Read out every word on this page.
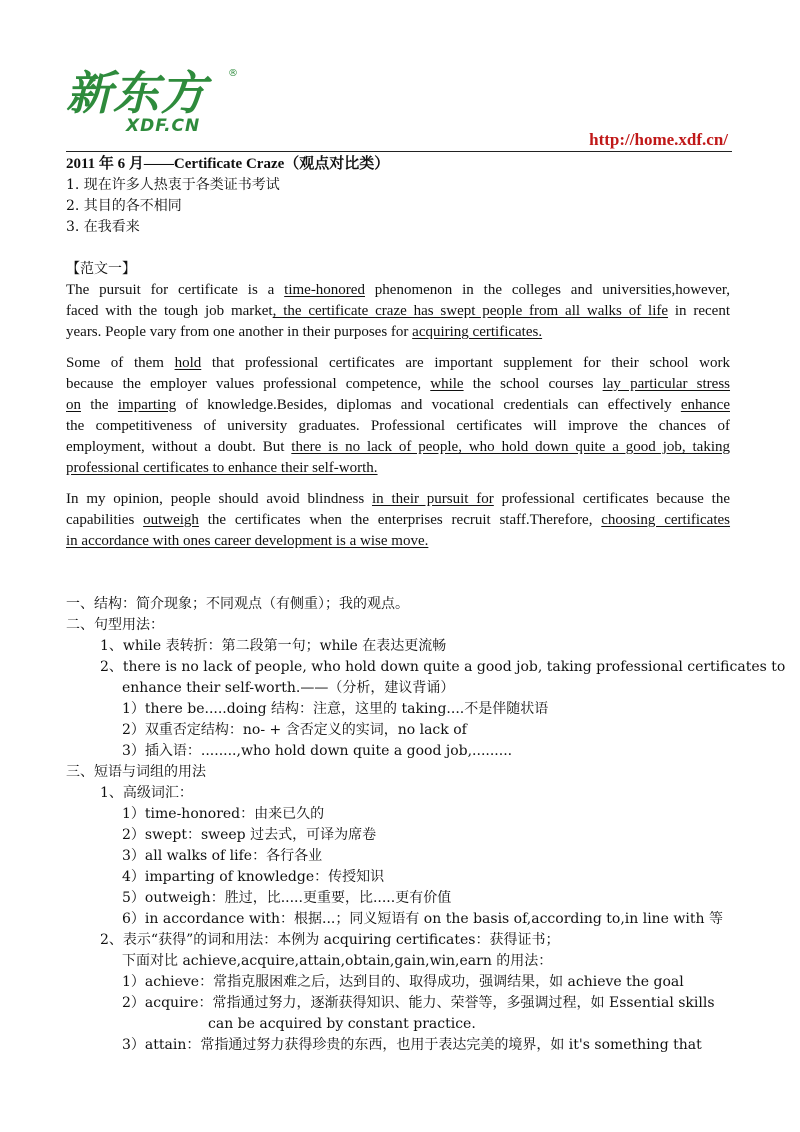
新东方 ®
XDF.CN
http://home.xdf.cn/
2011 年 6 月——Certificate Craze（观点对比类）
1. 现在许多人热衷于各类证书考试
2. 其目的各不相同
3. 在我看来
【范文一】
The pursuit for certificate is a time-honored phenomenon in the colleges and universities,however,
faced with the tough job market, the certificate craze has swept people from all walks of life in recent
years. People vary from one another in their purposes for acquiring certificates.
Some of them hold that professional certificates are important supplement for their school work
because the employer values professional competence, while the school courses lay particular stress
on the imparting of knowledge.Besides, diplomas and vocational credentials can effectively enhance
the competitiveness of university graduates. Professional certificates will improve the chances of
employment, without a doubt. But there is no lack of people, who hold down quite a good job, taking
professional certificates to enhance their self-worth.
In my opinion, people should avoid blindness in their pursuit for professional certificates because the
capabilities outweigh the certificates when the enterprises recruit staff.Therefore, choosing certificates
in accordance with ones career development is a wise move.
一、结构：简介现象；不同观点（有侧重）；我的观点。
二、句型用法：
1、while 表转折：第二段第一句；while 在表达更流畅
2、there is no lack of people, who hold down quite a good job, taking professional certificates to
enhance their self-worth.——（分析，建议背诵）
1）there be.....doing 结构：注意，这里的 taking....不是伴随状语
2）双重否定结构：no- + 含否定义的实词，no lack of
3）插入语：........,who hold down quite a good job,.........
三、短语与词组的用法
1、高级词汇：
1）time-honored：由来已久的
2）swept：sweep 过去式，可译为席卷
3）all walks of life：各行各业
4）imparting of knowledge：传授知识
5）outweigh：胜过，比.....更重要，比.....更有价值
6）in accordance with：根据...；同义短语有 on the basis of,according to,in line with 等
2、表示“获得”的词和用法：本例为 acquiring certificates：获得证书；
下面对比 achieve,acquire,attain,obtain,gain,win,earn 的用法：
1）achieve：常指克服困难之后，达到目的、取得成功，强调结果，如 achieve the goal
2）acquire：常指通过努力，逐渐获得知识、能力、荣誉等，多强调过程，如 Essential skills
can be acquired by constant practice.
3）attain：常指通过努力获得珍贵的东西，也用于表达完美的境界，如 it's something that
